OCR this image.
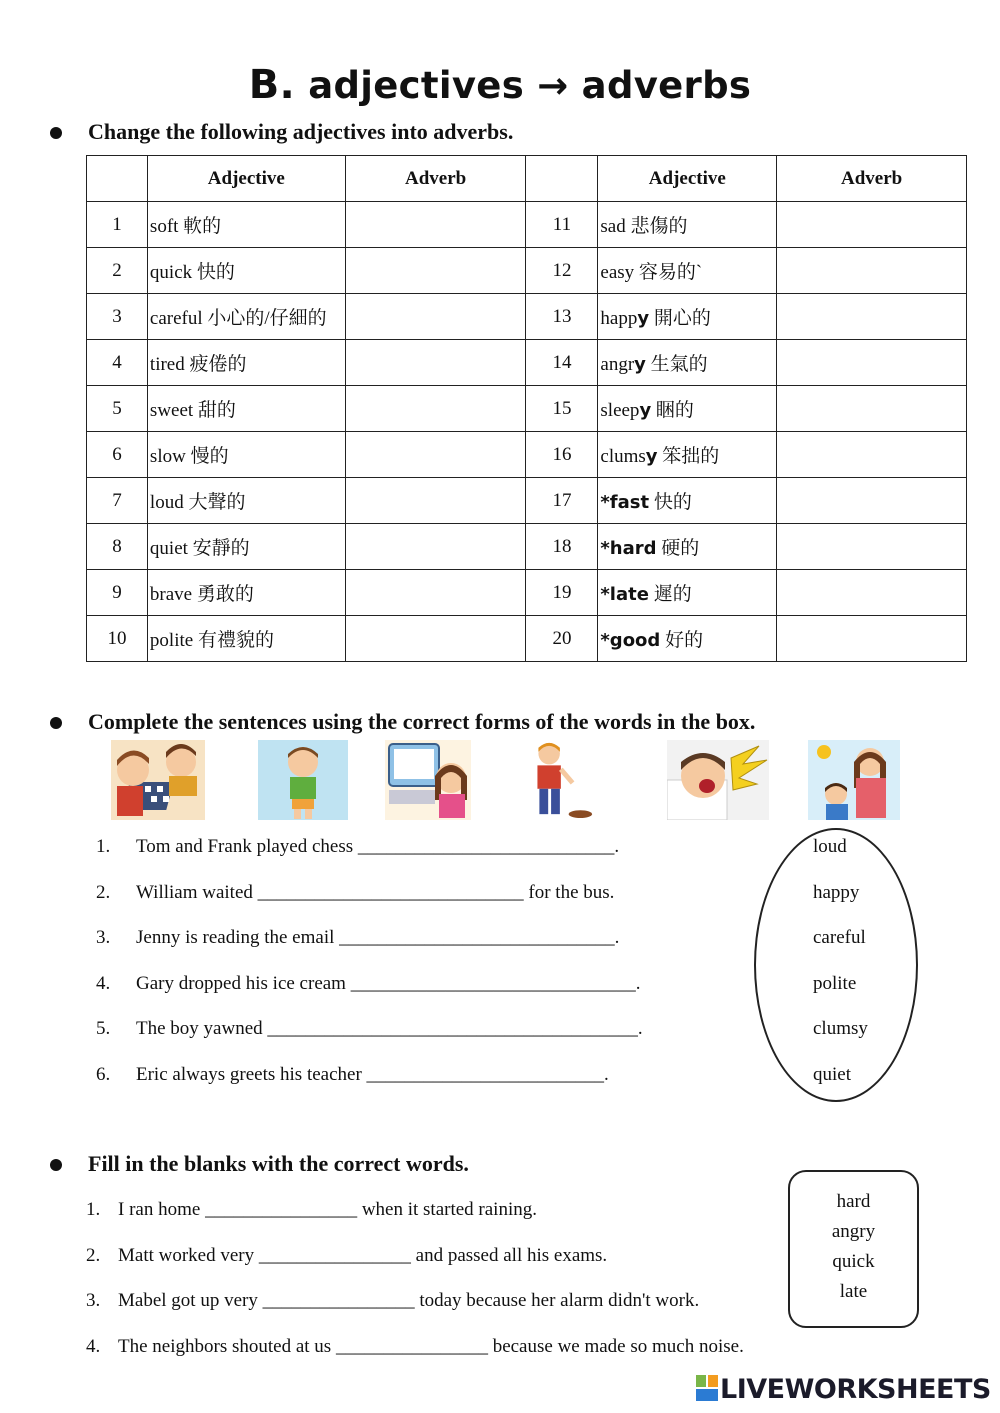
B. adjectives → adverbs
Change the following adjectives into adverbs.
	Adjective	Adverb		Adjective	Adverb
1	soft 軟的		11	sad 悲傷的	
2	quick 快的		12	easy 容易的`	
3	careful 小心的/仔細的		13	happy 開心的	
4	tired 疲倦的		14	angry 生氣的	
5	sweet 甜的		15	sleepy 睏的	
6	slow 慢的		16	clumsy 笨拙的	
7	loud 大聲的		17	*fast 快的	
8	quiet 安靜的		18	*hard 硬的	
9	brave 勇敢的		19	*late 遲的	
10	polite 有禮貌的		20	*good 好的	
Complete the sentences using the correct forms of the words in the box.
1. Tom and Frank played chess ___________________________.
2. William waited ____________________________ for the bus.
3. Jenny is reading the email _____________________________.
4. Gary dropped his ice cream ______________________________.
5. The boy yawned _______________________________________.
6. Eric always greets his teacher _________________________.
loud
happy
careful
polite
clumsy
quiet
Fill in the blanks with the correct words.
1. I ran home ________________ when it started raining.
2. Matt worked very ________________ and passed all his exams.
3. Mabel got up very ________________ today because her alarm didn't work.
4. The neighbors shouted at us ________________ because we made so much noise.
hard
angry
quick
late
LIVEWORKSHEETS
